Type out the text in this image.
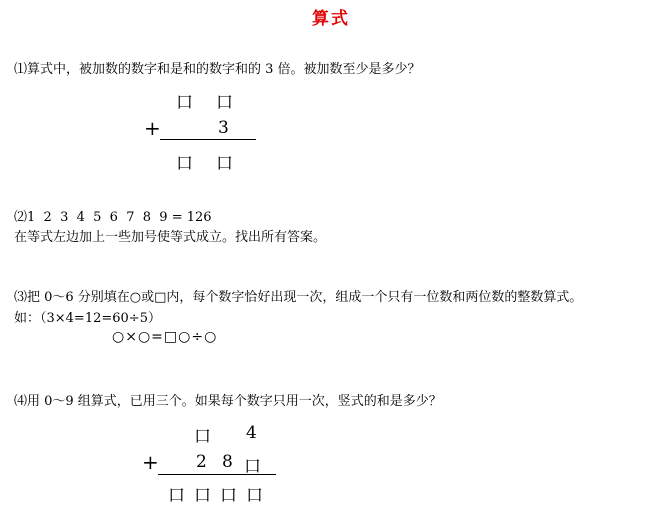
算式
⑴算式中，被加数的数字和是和的数字和的 3 倍。被加数至少是多少？
口 口
+	3
口 口
⑵1  2  3  4  5  6  7  8  9 = 126
在等式左边加上一些加号使等式成立。找出所有答案。
⑶把 0～6 分别填在○或□内，每个数字恰好出现一次，组成一个只有一位数和两位数的整数算式。
如：（3×4=12=60÷5）
○×○=□○÷○
⑷用 0～9 组算式，已用三个。如果每个数字只用一次，竖式的和是多少？
口 4
+ 2 8 口
口 口 口 口
